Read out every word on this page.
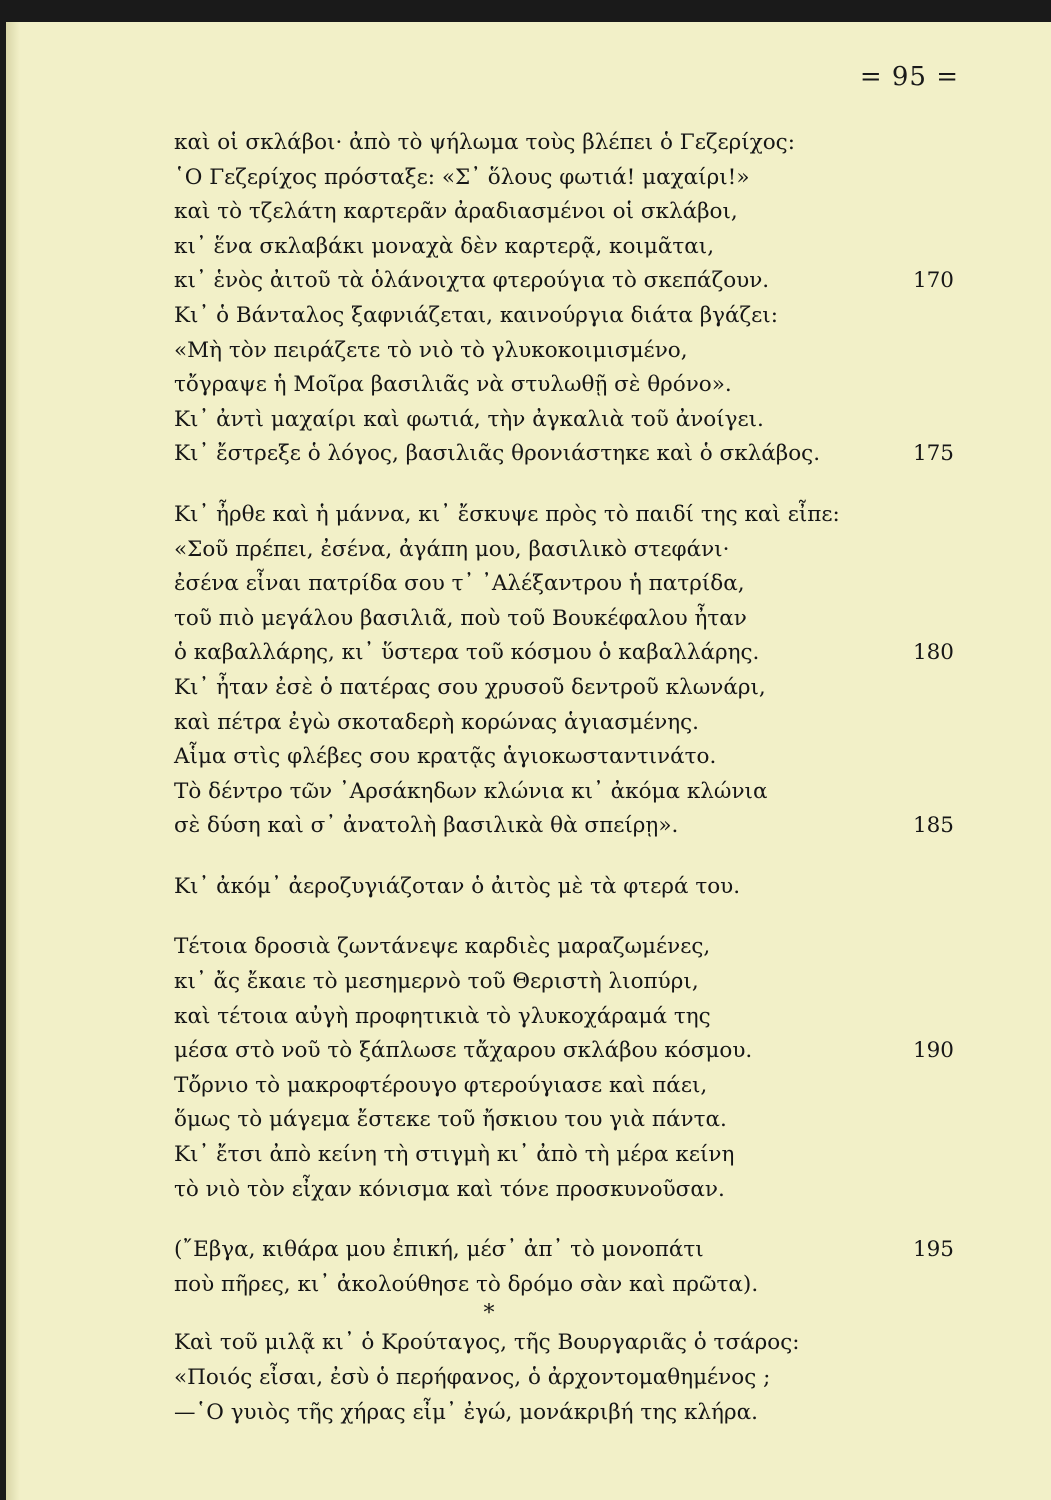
= 95 =
καὶ οἱ σκλάβοι· ἀπὸ τὸ ψήλωμα τοὺς βλέπει ὁ Γεζερίχος:
῾Ο Γεζερίχος πρόσταξε: «Σ᾽ ὅλους φωτιά! μαχαίρι!»
καὶ τὸ τζελάτη καρτερᾶν ἀραδιασμένοι οἱ σκλάβοι,
κι᾽ ἕνα σκλαβάκι μοναχὰ δὲν καρτερᾷ, κοιμᾶται,
κι᾽ ἑνὸς ἀιτοῦ τὰ ὁλάνοιχτα φτερούγια τὸ σκεπάζουν.	170
Κι᾽ ὁ Βάνταλος ξαφνιάζεται, καινούργια διάτα βγάζει:
«Μὴ τὸν πειράζετε τὸ νιὸ τὸ γλυκοκοιμισμένο,
τὄγραψε ἡ Μοῖρα βασιλιᾶς νὰ στυλωθῇ σὲ θρόνο».
Κι᾽ ἀντὶ μαχαίρι καὶ φωτιά, τὴν ἀγκαλιὰ τοῦ ἀνοίγει.
Κι᾽ ἔστρεξε ὁ λόγος, βασιλιᾶς θρονιάστηκε καὶ ὁ σκλάβος.	175
Κι᾽ ἦρθε καὶ ἡ μάννα, κι᾽ ἔσκυψε πρὸς τὸ παιδί της καὶ εἶπε:
«Σοῦ πρέπει, ἐσένα, ἀγάπη μου, βασιλικὸ στεφάνι·
ἐσένα εἶναι πατρίδα σου τ᾽ ᾽Αλέξαντρου ἡ πατρίδα,
τοῦ πιὸ μεγάλου βασιλιᾶ, ποὺ τοῦ Βουκέφαλου ἦταν
ὁ καβαλλάρης, κι᾽ ὕστερα τοῦ κόσμου ὁ καβαλλάρης.	180
Κι᾽ ἦταν ἐσὲ ὁ πατέρας σου χρυσοῦ δεντροῦ κλωνάρι,
καὶ πέτρα ἐγὼ σκοταδερὴ κορώνας ἁγιασμένης.
Αἷμα στὶς φλέβες σου κρατᾷς ἁγιοκωσταντινάτο.
Τὸ δέντρο τῶν ᾽Αρσάκηδων κλώνια κι᾽ ἀκόμα κλώνια
σὲ δύση καὶ σ᾽ ἀνατολὴ βασιλικὰ θὰ σπείρῃ».	185
Κι᾽ ἀκόμ᾽ ἀεροζυγιάζοταν ὁ ἀιτὸς μὲ τὰ φτερά του.
Τέτοια δροσιὰ ζωντάνεψε καρδιὲς μαραζωμένες,
κι᾽ ἄς ἔκαιε τὸ μεσημερνὸ τοῦ Θεριστὴ λιοπύρι,
καὶ τέτοια αὐγὴ προφητικιὰ τὸ γλυκοχάραμά της
μέσα στὸ νοῦ τὸ ξάπλωσε τἄχαρου σκλάβου κόσμου.	190
Τὄρνιο τὸ μακροφτέρουγο φτερούγιασε καὶ πάει,
ὅμως τὸ μάγεμα ἔστεκε τοῦ ἤσκιου του γιὰ πάντα.
Κι᾽ ἔτσι ἀπὸ κείνη τὴ στιγμὴ κι᾽ ἀπὸ τὴ μέρα κείνη
τὸ νιὸ τὸν εἶχαν κόνισμα καὶ τόνε προσκυνοῦσαν.
(῎Εβγα, κιθάρα μου ἐπική, μέσ᾽ ἀπ᾽ τὸ μονοπάτι	195
ποὺ πῆρες, κι᾽ ἀκολούθησε τὸ δρόμο σὰν καὶ πρῶτα).
*
Καὶ τοῦ μιλᾷ κι᾽ ὁ Κρούταγος, τῆς Βουργαριᾶς ὁ τσάρος:
«Ποιός εἶσαι, ἐσὺ ὁ περήφανος, ὁ ἀρχοντομαθημένος ;
—῾Ο γυιὸς τῆς χήρας εἶμ᾽ ἐγώ, μονάκριβή της κλήρα.
